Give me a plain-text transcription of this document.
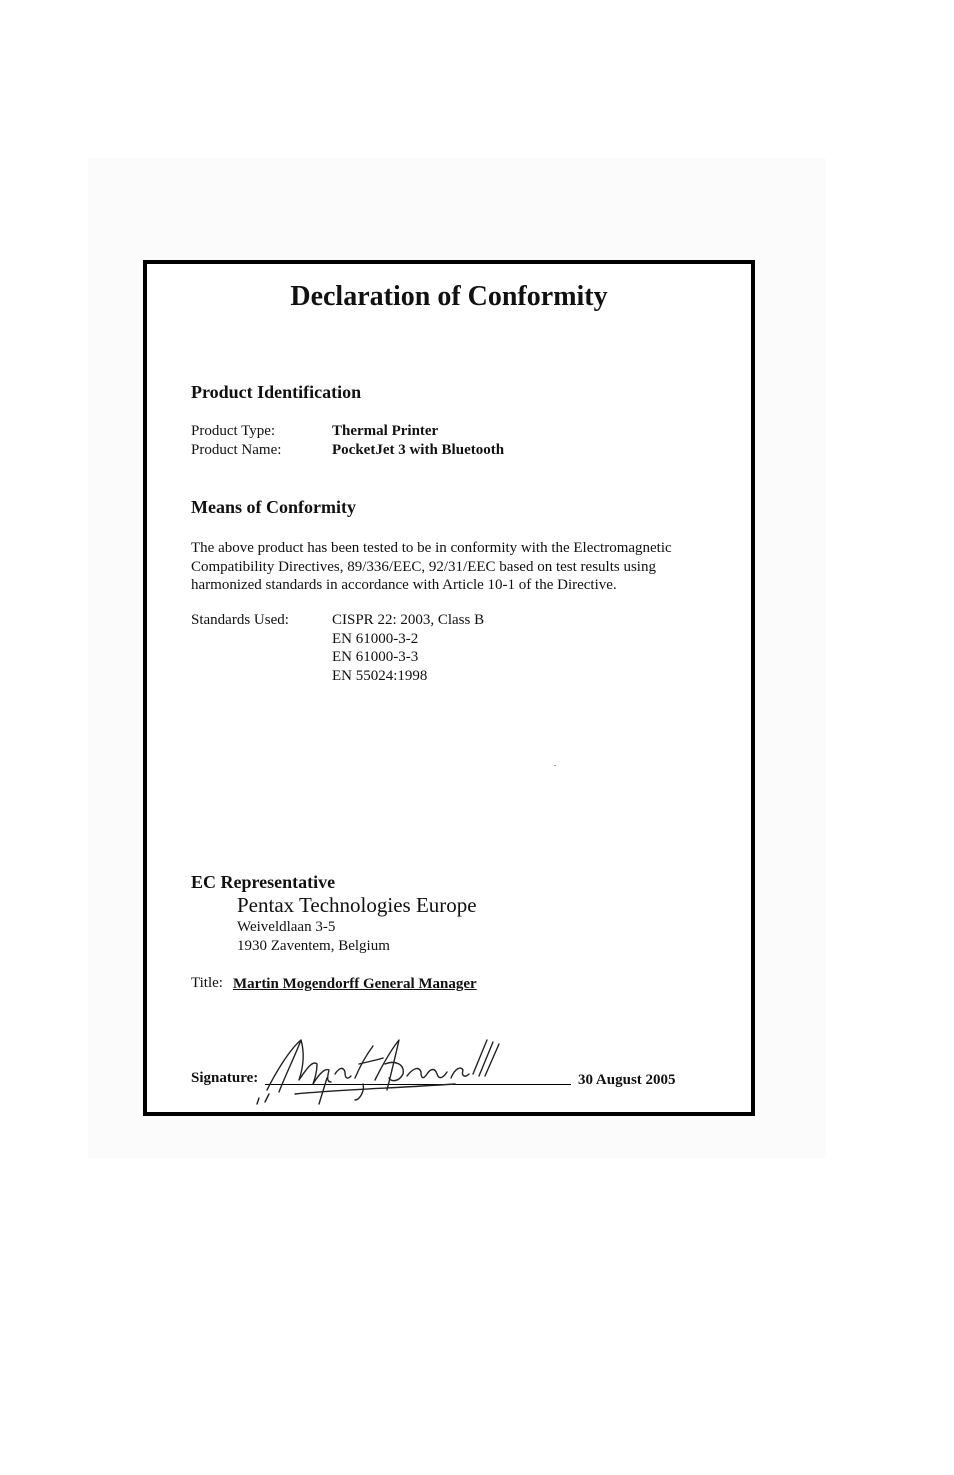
Declaration of Conformity
Product Identification
Product Type:	Thermal Printer
Product Name:	PocketJet 3 with Bluetooth
Means of Conformity
The above product has been tested to be in conformity with the Electromagnetic
Compatibility Directives, 89/336/EEC, 92/31/EEC based on test results using
harmonized standards in accordance with Article 10-1 of the Directive.
Standards Used:	CISPR 22: 2003, Class B
EN 61000-3-2
EN 61000-3-3
EN 55024:1998
EC Representative
Pentax Technologies Europe
Weiveldlaan 3-5
1930 Zaventem, Belgium
Title: Martin Mogendorff General Manager
Signature:	30 August 2005
